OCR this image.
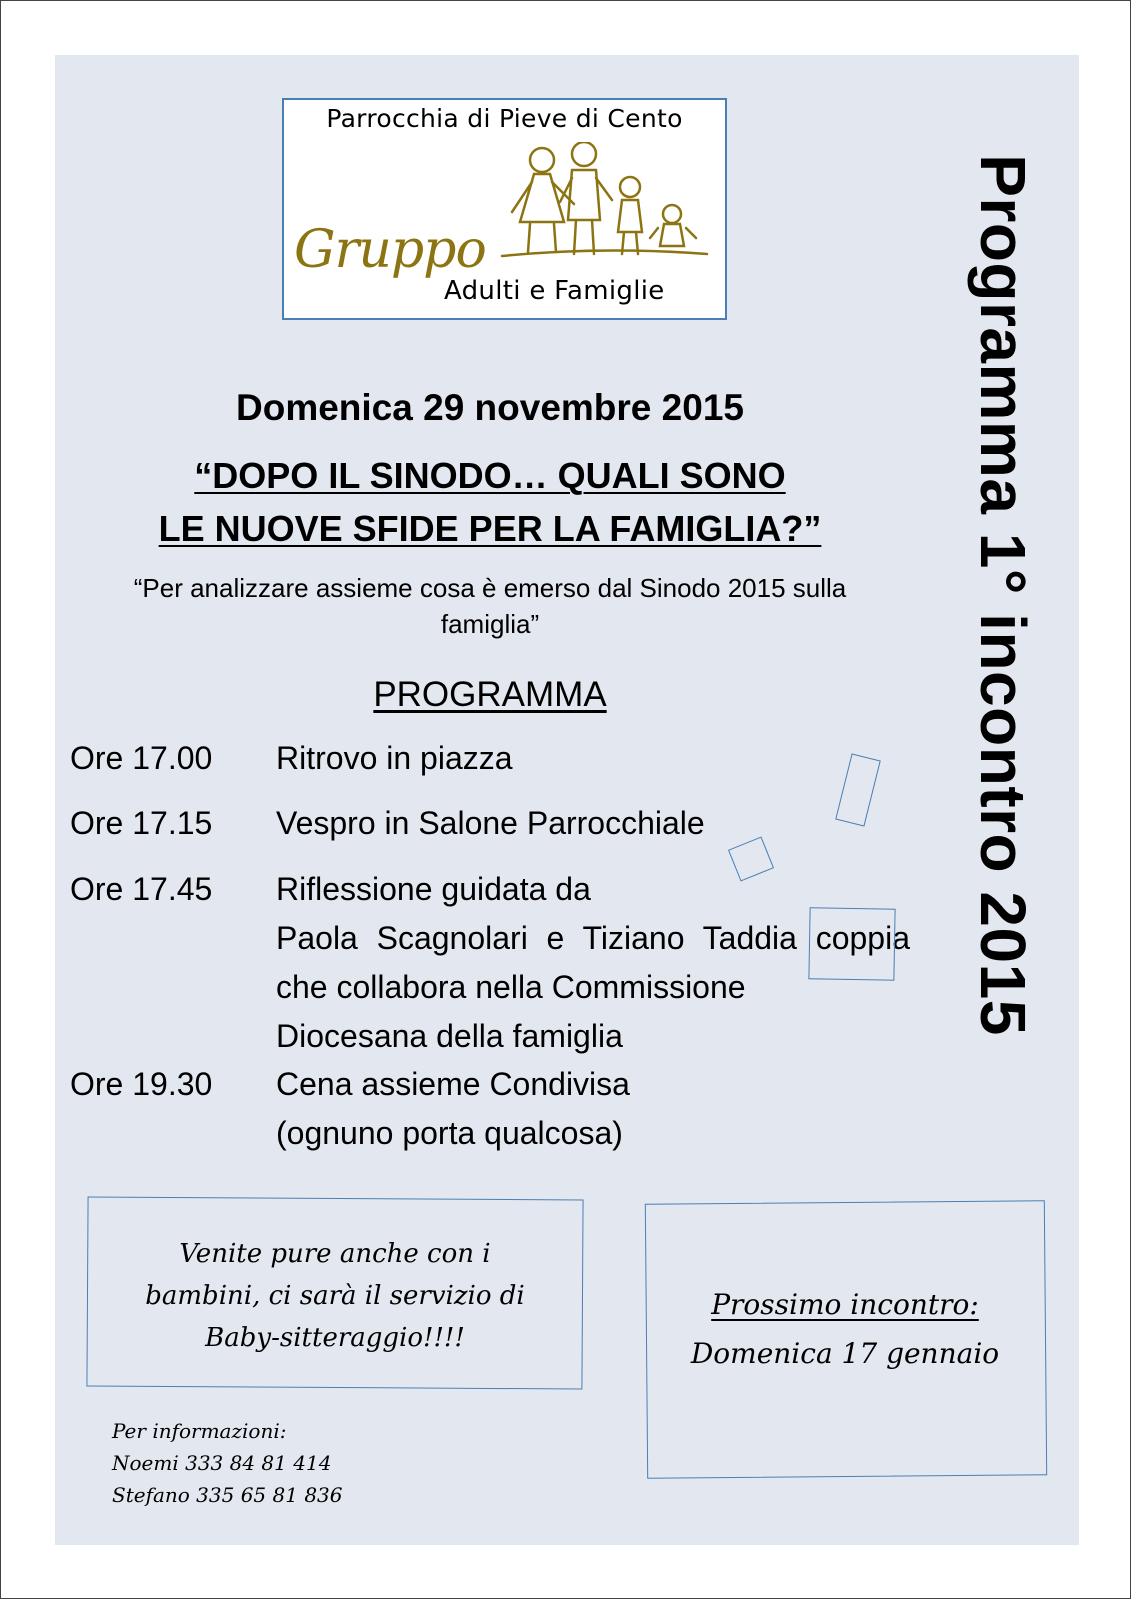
Parrocchia di Pieve di Cento
Gruppo
Adulti e Famiglie	Programma 1° incontro 2015
Domenica 29 novembre 2015
“DOPO IL SINODO… QUALI SONO
LE NUOVE SFIDE PER LA FAMIGLIA?”
“Per analizzare assieme cosa è emerso dal Sinodo 2015 sulla
famiglia”
PROGRAMMA
Ore 17.00 Ritrovo in piazza
Ore 17.15 Vespro in Salone Parrocchiale
Ore 17.45 Riflessione guidata da
Paola Scagnolari e Tiziano Taddia coppia
che collabora nella Commissione
Diocesana della famiglia
Ore 19.30 Cena assieme Condivisa
(ognuno porta qualcosa)
Venite pure anche con i
bambini, ci sarà il servizio di
Baby-sitteraggio!!!!
Prossimo incontro:
Domenica 17 gennaio
Per informazioni:
Noemi 333 84 81 414
Stefano 335 65 81 836
